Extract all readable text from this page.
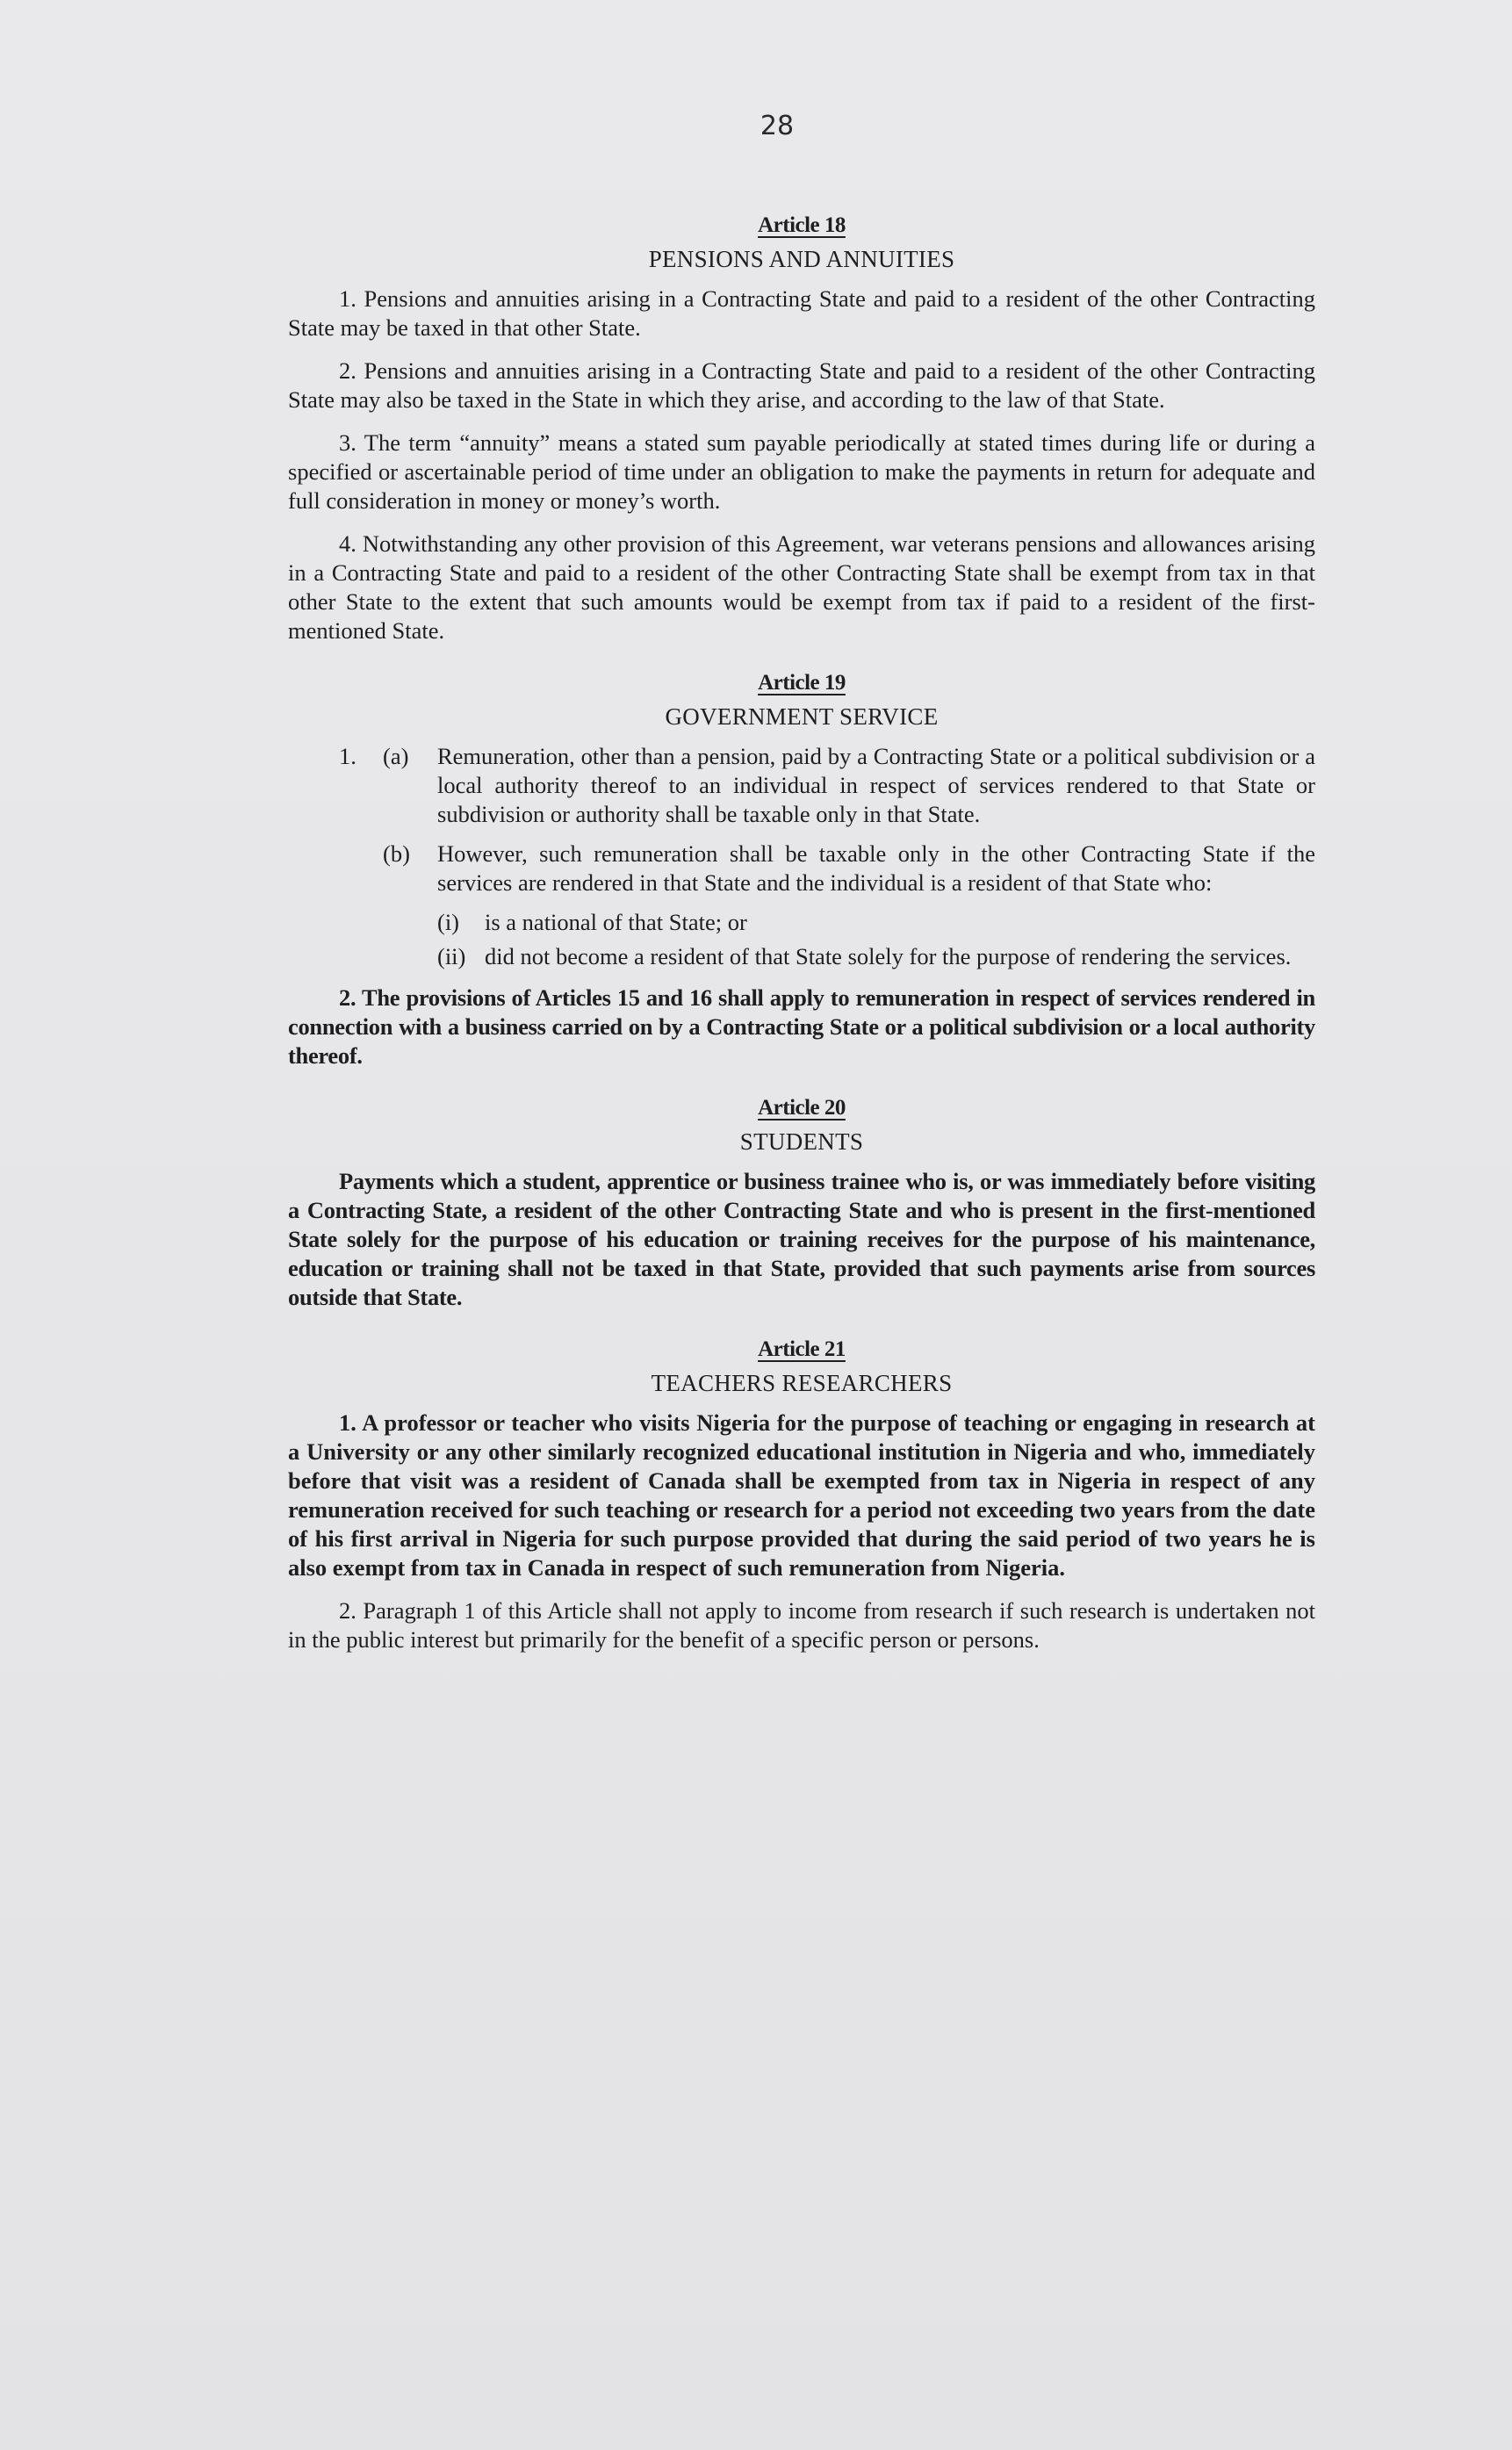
28
Article 18
PENSIONS AND ANNUITIES

1. Pensions and annuities arising in a Contracting State and paid to a resident of the other Contracting State may be taxed in that other State.

2. Pensions and annuities arising in a Contracting State and paid to a resident of the other Contracting State may also be taxed in the State in which they arise, and according to the law of that State.

3. The term “annuity” means a stated sum payable periodically at stated times during life or during a specified or ascertainable period of time under an obligation to make the payments in return for adequate and full consideration in money or money’s worth.

4. Notwithstanding any other provision of this Agreement, war veterans pensions and allowances arising in a Contracting State and paid to a resident of the other Contracting State shall be exempt from tax in that other State to the extent that such amounts would be exempt from tax if paid to a resident of the first-mentioned State.

Article 19
GOVERNMENT SERVICE
1.	(a)	Remuneration, other than a pension, paid by a Contracting State or a political subdivision or a local authority thereof to an individual in respect of services rendered to that State or subdivision or authority shall be taxable only in that State.
(b)	However, such remuneration shall be taxable only in the other Contracting State if the services are rendered in that State and the individual is a resident of that State who:
(i)	is a national of that State; or
(ii) did not become a resident of that State solely for the purpose of rendering the services.

2. The provisions of Articles 15 and 16 shall apply to remuneration in respect of services rendered in connection with a business carried on by a Contracting State or a political subdivision or a local authority thereof.

Article 20
STUDENTS

Payments which a student, apprentice or business trainee who is, or was immediately before visiting a Contracting State, a resident of the other Contracting State and who is present in the first-mentioned State solely for the purpose of his education or training receives for the purpose of his maintenance, education or training shall not be taxed in that State, provided that such payments arise from sources outside that State.

Article 21
TEACHERS RESEARCHERS

1. A professor or teacher who visits Nigeria for the purpose of teaching or engaging in research at a University or any other similarly recognized educational institution in Nigeria and who, immediately before that visit was a resident of Canada shall be exempted from tax in Nigeria in respect of any remuneration received for such teaching or research for a period not exceeding two years from the date of his first arrival in Nigeria for such purpose provided that during the said period of two years he is also exempt from tax in Canada in respect of such remuneration from Nigeria.

2. Paragraph 1 of this Article shall not apply to income from research if such research is undertaken not in the public interest but primarily for the benefit of a specific person or persons.
